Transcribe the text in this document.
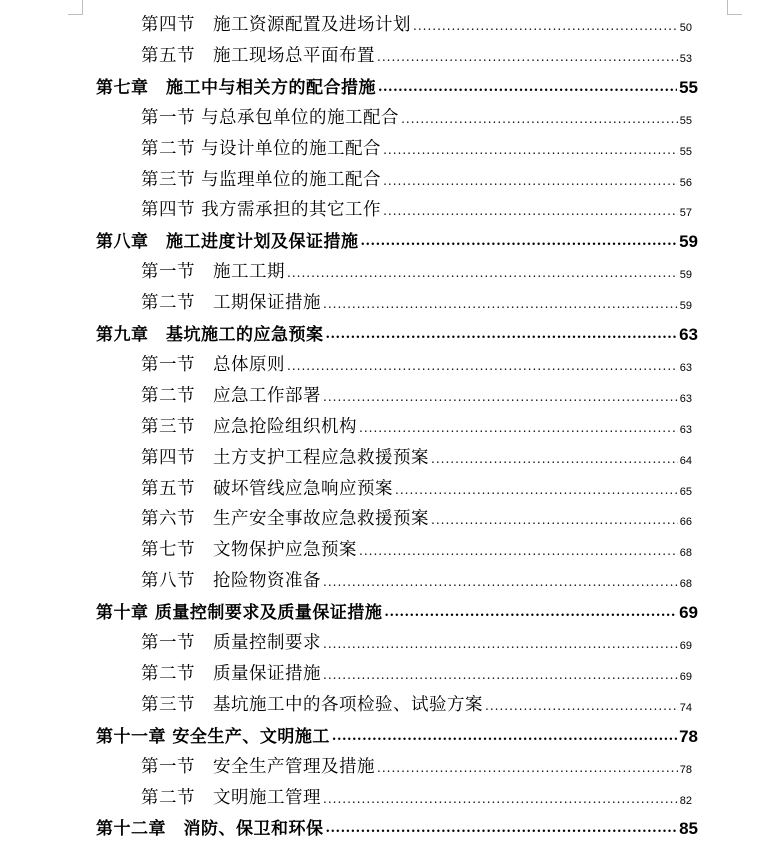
第四节　施工资源配置及进场计划 .....	50
第五节　施工现场总平面布置 .....	53
第七章　施工中与相关方的配合措施 .....	55
第一节 与总承包单位的施工配合 .....	55
第二节 与设计单位的施工配合 .....	55
第三节 与监理单位的施工配合 .....	56
第四节 我方需承担的其它工作 .....	57
第八章　施工进度计划及保证措施 .....	59
第一节　施工工期 .....	59
第二节　工期保证措施 .....	59
第九章　基坑施工的应急预案 .....	63
第一节　总体原则 .....	63
第二节　应急工作部署 .....	63
第三节　应急抢险组织机构 .....	63
第四节　土方支护工程应急救援预案 .....	64
第五节　破坏管线应急响应预案 .....	65
第六节　生产安全事故应急救援预案 .....	66
第七节　文物保护应急预案 .....	68
第八节　抢险物资准备 .....	68
第十章 质量控制要求及质量保证措施 .....	69
第一节　质量控制要求 .....	69
第二节　质量保证措施 .....	69
第三节　基坑施工中的各项检验、试验方案 .....	74
第十一章 安全生产、文明施工 .....	78
第一节　安全生产管理及措施 .....	78
第二节　文明施工管理 .....	82
第十二章　消防、保卫和环保 .....	85
